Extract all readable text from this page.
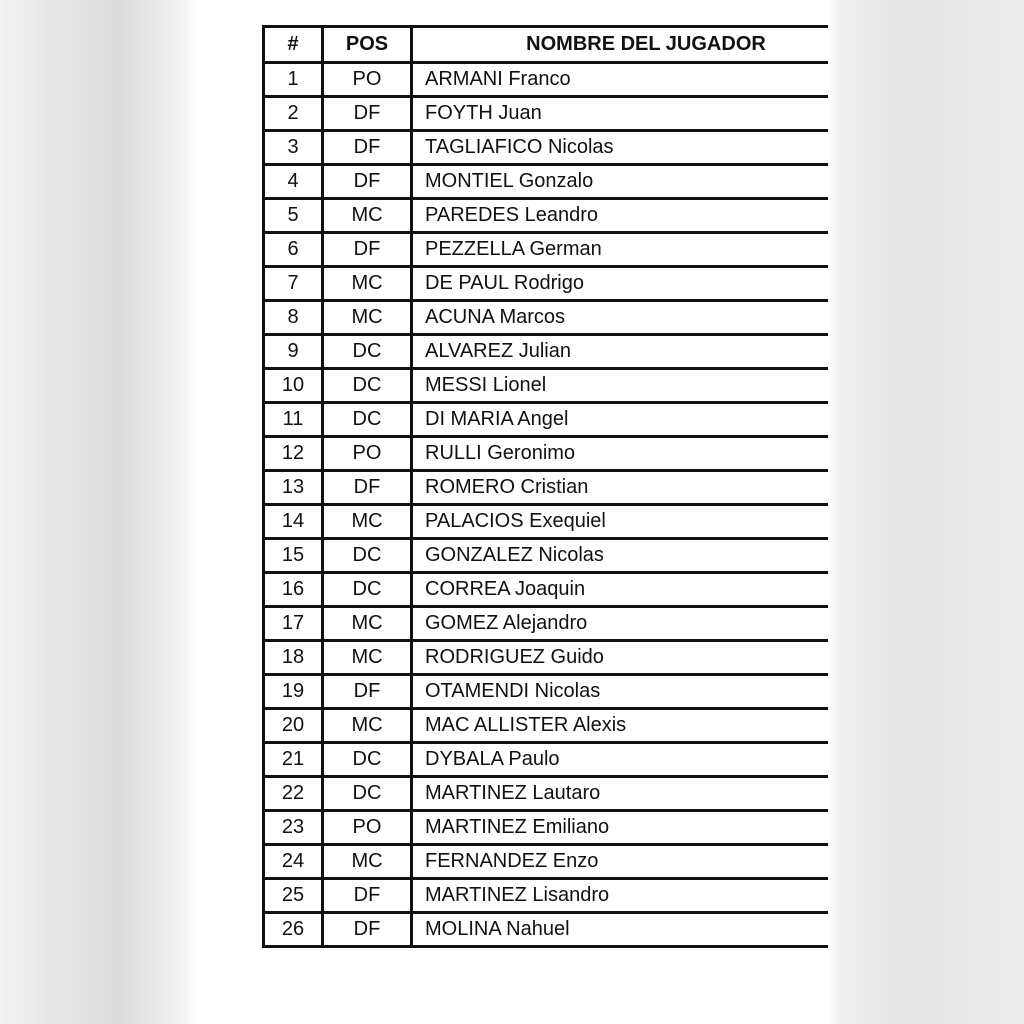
#	POS	NOMBRE DEL JUGADOR
1	PO	ARMANI Franco
2	DF	FOYTH Juan
3	DF	TAGLIAFICO Nicolas
4	DF	MONTIEL Gonzalo
5	MC	PAREDES Leandro
6	DF	PEZZELLA German
7	MC	DE PAUL Rodrigo
8	MC	ACUNA Marcos
9	DC	ALVAREZ Julian
10	DC	MESSI Lionel
11	DC	DI MARIA Angel
12	PO	RULLI Geronimo
13	DF	ROMERO Cristian
14	MC	PALACIOS Exequiel
15	DC	GONZALEZ Nicolas
16	DC	CORREA Joaquin
17	MC	GOMEZ Alejandro
18	MC	RODRIGUEZ Guido
19	DF	OTAMENDI Nicolas
20	MC	MAC ALLISTER Alexis
21	DC	DYBALA Paulo
22	DC	MARTINEZ Lautaro
23	PO	MARTINEZ Emiliano
24	MC	FERNANDEZ Enzo
25	DF	MARTINEZ Lisandro
26	DF	MOLINA Nahuel
